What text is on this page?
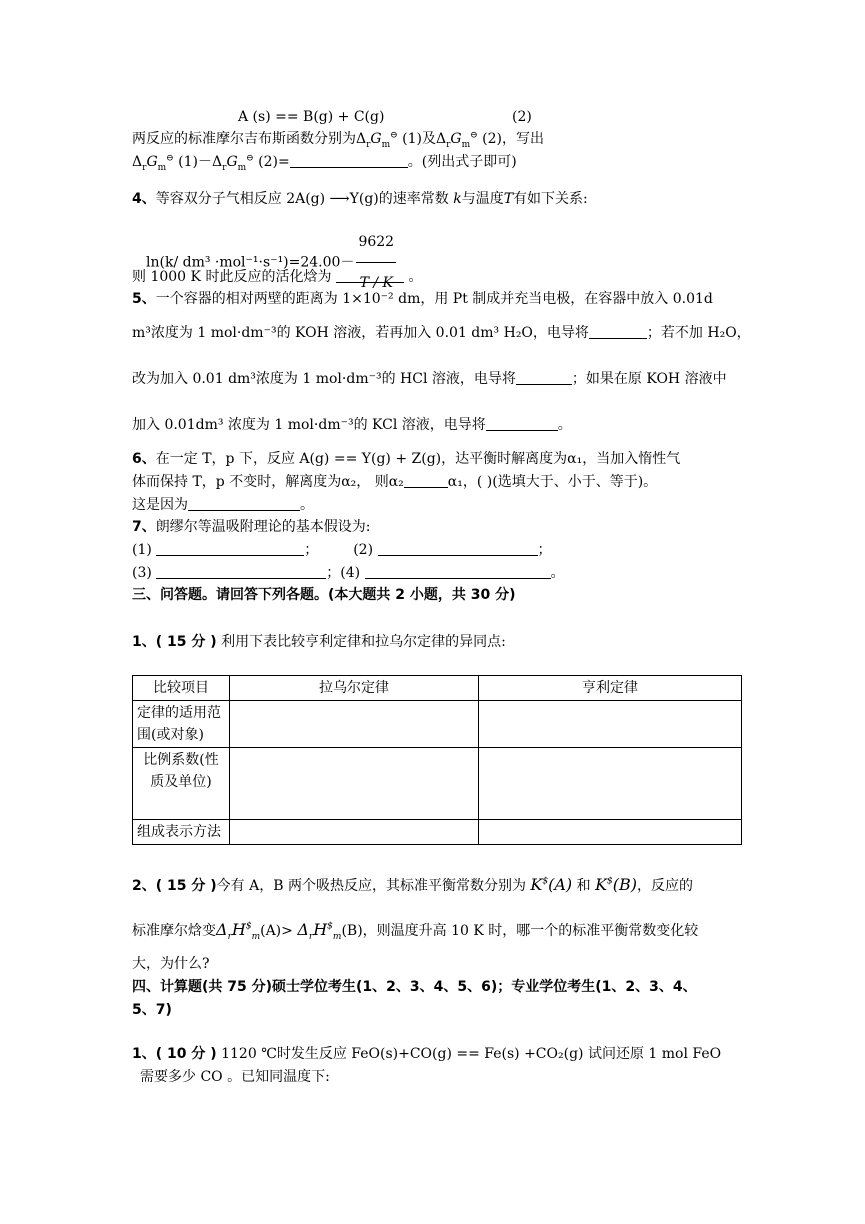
A (s) == B(g) + C(g)	(2)
两反应的标准摩尔吉布斯函数分别为$\Delta_rG_m^⊖$ (1)及$\Delta_rG_m^⊖$ (2)，写出
$\Delta_rG_m^⊖$ $(1)-\Delta_rG_m^⊖$ (2)=	。(列出式子即可)
4、等容双分子气相反应 2A(g) ⟶Y(g)的速率常数 k与温度T有如下关系:
ln(k/ $dm^3 \cdot mol^{-1}\cdot s^{-1})=24.00- \frac{9622}{T / K}$
则 1000 K 时此反应的活化焓为	。
5、一个容器的相对两壁的距离为 1×10⁻² dm，用 Pt 制成并充当电极，在容器中放入 0.01d
m³浓度为 1 mol·dm⁻³的 KOH 溶液，若再加入 0.01 dm³ H₂O，电导将	；若不加 H₂O，
改为加入 0.01 dm³浓度为 1 mol·dm⁻³的 HCl 溶液，电导将	；如果在原 KOH 溶液中
加入 0.01dm³ 浓度为 1 mol·dm⁻³的 KCl 溶液，电导将	。
6、在一定 T，p 下，反应 A(g) == Y(g) + Z(g)，达平衡时解离度为α₁，当加入惰性气
体而保持 T，p 不变时，解离度为α₂， 则α₂	α₁，( )(选填大于、小于、等于)。
这是因为	。
7、朗缪尔等温吸附理论的基本假设为:
(1)	； (2)	；
(3)	；(4)	。
三、问答题。请回答下列各题。(本大题共 2 小题，共 30 分)
1、( 15 分 ) 利用下表比较亨利定律和拉乌尔定律的异同点:
比较项目	拉乌尔定律	亨利定律
定律的适用范围(或对象)		
比例系数(性质及单位)		
组成表示方法		
2、( 15 分 )今有 A，B 两个吸热反应，其标准平衡常数分别为 K$(A) 和 K$(B)，反应的
标准摩尔焓变$\Delta_rH^{\$}_m(A)> \Delta_rH^{\$}_m(B)$，则温度升高 10 K 时，哪一个的标准平衡常数变化较
大，为什么?
四、计算题(共 75 分)硕士学位考生(1、2、3、4、5、6)；专业学位考生(1、2、3、4、
5、7)
1、( 10 分 ) 1120 ℃时发生反应 FeO(s)+CO(g) == Fe(s) +CO₂(g) 试问还原 1 mol FeO
需要多少 CO 。已知同温度下:
